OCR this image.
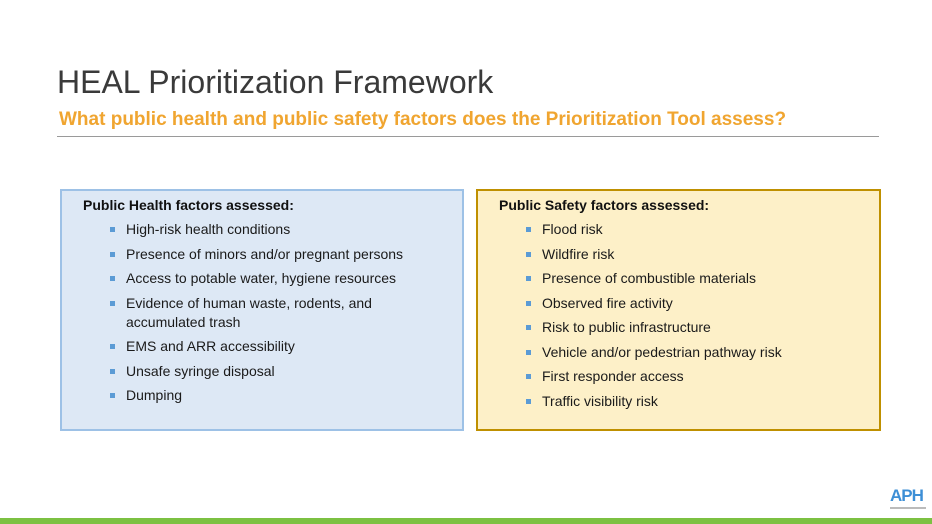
HEAL Prioritization Framework
What public health and public safety factors does the Prioritization Tool assess?
Public Health factors assessed:
High-risk health conditions
Presence of minors and/or pregnant persons
Access to potable water, hygiene resources
Evidence of human waste, rodents, and accumulated trash
EMS and ARR accessibility
Unsafe syringe disposal
Dumping
Public Safety factors assessed:
Flood risk
Wildfire risk
Presence of combustible materials
Observed fire activity
Risk to public infrastructure
Vehicle and/or pedestrian pathway risk
First responder access
Traffic visibility risk
APH
